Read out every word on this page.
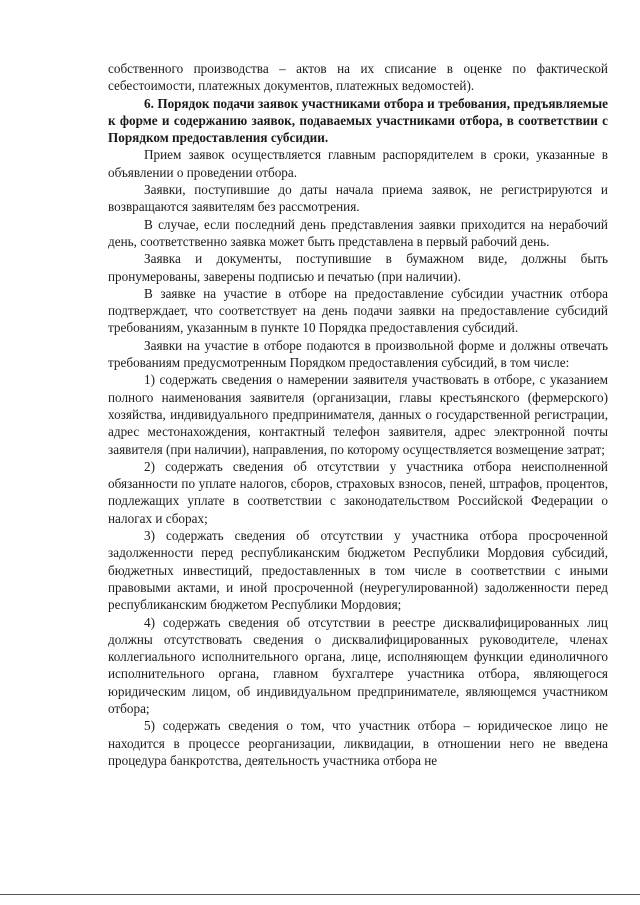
собственного производства – актов на их списание в оценке по фактической себестоимости, платежных документов, платежных ведомостей).

6. Порядок подачи заявок участниками отбора и требования, предъявляемые к форме и содержанию заявок, подаваемых участниками отбора, в соответствии с Порядком предоставления субсидии.

Прием заявок осуществляется главным распорядителем в сроки, указанные в объявлении о проведении отбора.

Заявки, поступившие до даты начала приема заявок, не регистрируются и возвращаются заявителям без рассмотрения.

В случае, если последний день представления заявки приходится на нерабочий день, соответственно заявка может быть представлена в первый рабочий день.

Заявка и документы, поступившие в бумажном виде, должны быть пронумерованы, заверены подписью и печатью (при наличии).

В заявке на участие в отборе на предоставление субсидии участник отбора подтверждает, что соответствует на день подачи заявки на предоставление субсидий требованиям, указанным в пункте 10 Порядка предоставления субсидий.

Заявки на участие в отборе подаются в произвольной форме и должны отвечать требованиям предусмотренным Порядком предоставления субсидий, в том числе:

1) содержать сведения о намерении заявителя участвовать в отборе, с указанием полного наименования заявителя (организации, главы крестьянского (фермерского) хозяйства, индивидуального предпринимателя, данных о государственной регистрации, адрес местонахождения, контактный телефон заявителя, адрес электронной почты заявителя (при наличии), направления, по которому осуществляется возмещение затрат;

2) содержать сведения об отсутствии у участника отбора неисполненной обязанности по уплате налогов, сборов, страховых взносов, пеней, штрафов, процентов, подлежащих уплате в соответствии с законодательством Российской Федерации о налогах и сборах;

3) содержать сведения об отсутствии у участника отбора просроченной задолженности перед республиканским бюджетом Республики Мордовия субсидий, бюджетных инвестиций, предоставленных в том числе в соответствии с иными правовыми актами, и иной просроченной (неурегулированной) задолженности перед республиканским бюджетом Республики Мордовия;

4) содержать сведения об отсутствии в реестре дисквалифицированных лиц должны отсутствовать сведения о дисквалифицированных руководителе, членах коллегиального исполнительного органа, лице, исполняющем функции единоличного исполнительного органа, главном бухгалтере участника отбора, являющегося юридическим лицом, об индивидуальном предпринимателе, являющемся участником отбора;

5) содержать сведения о том, что участник отбора – юридическое лицо не находится в процессе реорганизации, ликвидации, в отношении него не введена процедура банкротства, деятельность участника отбора не
